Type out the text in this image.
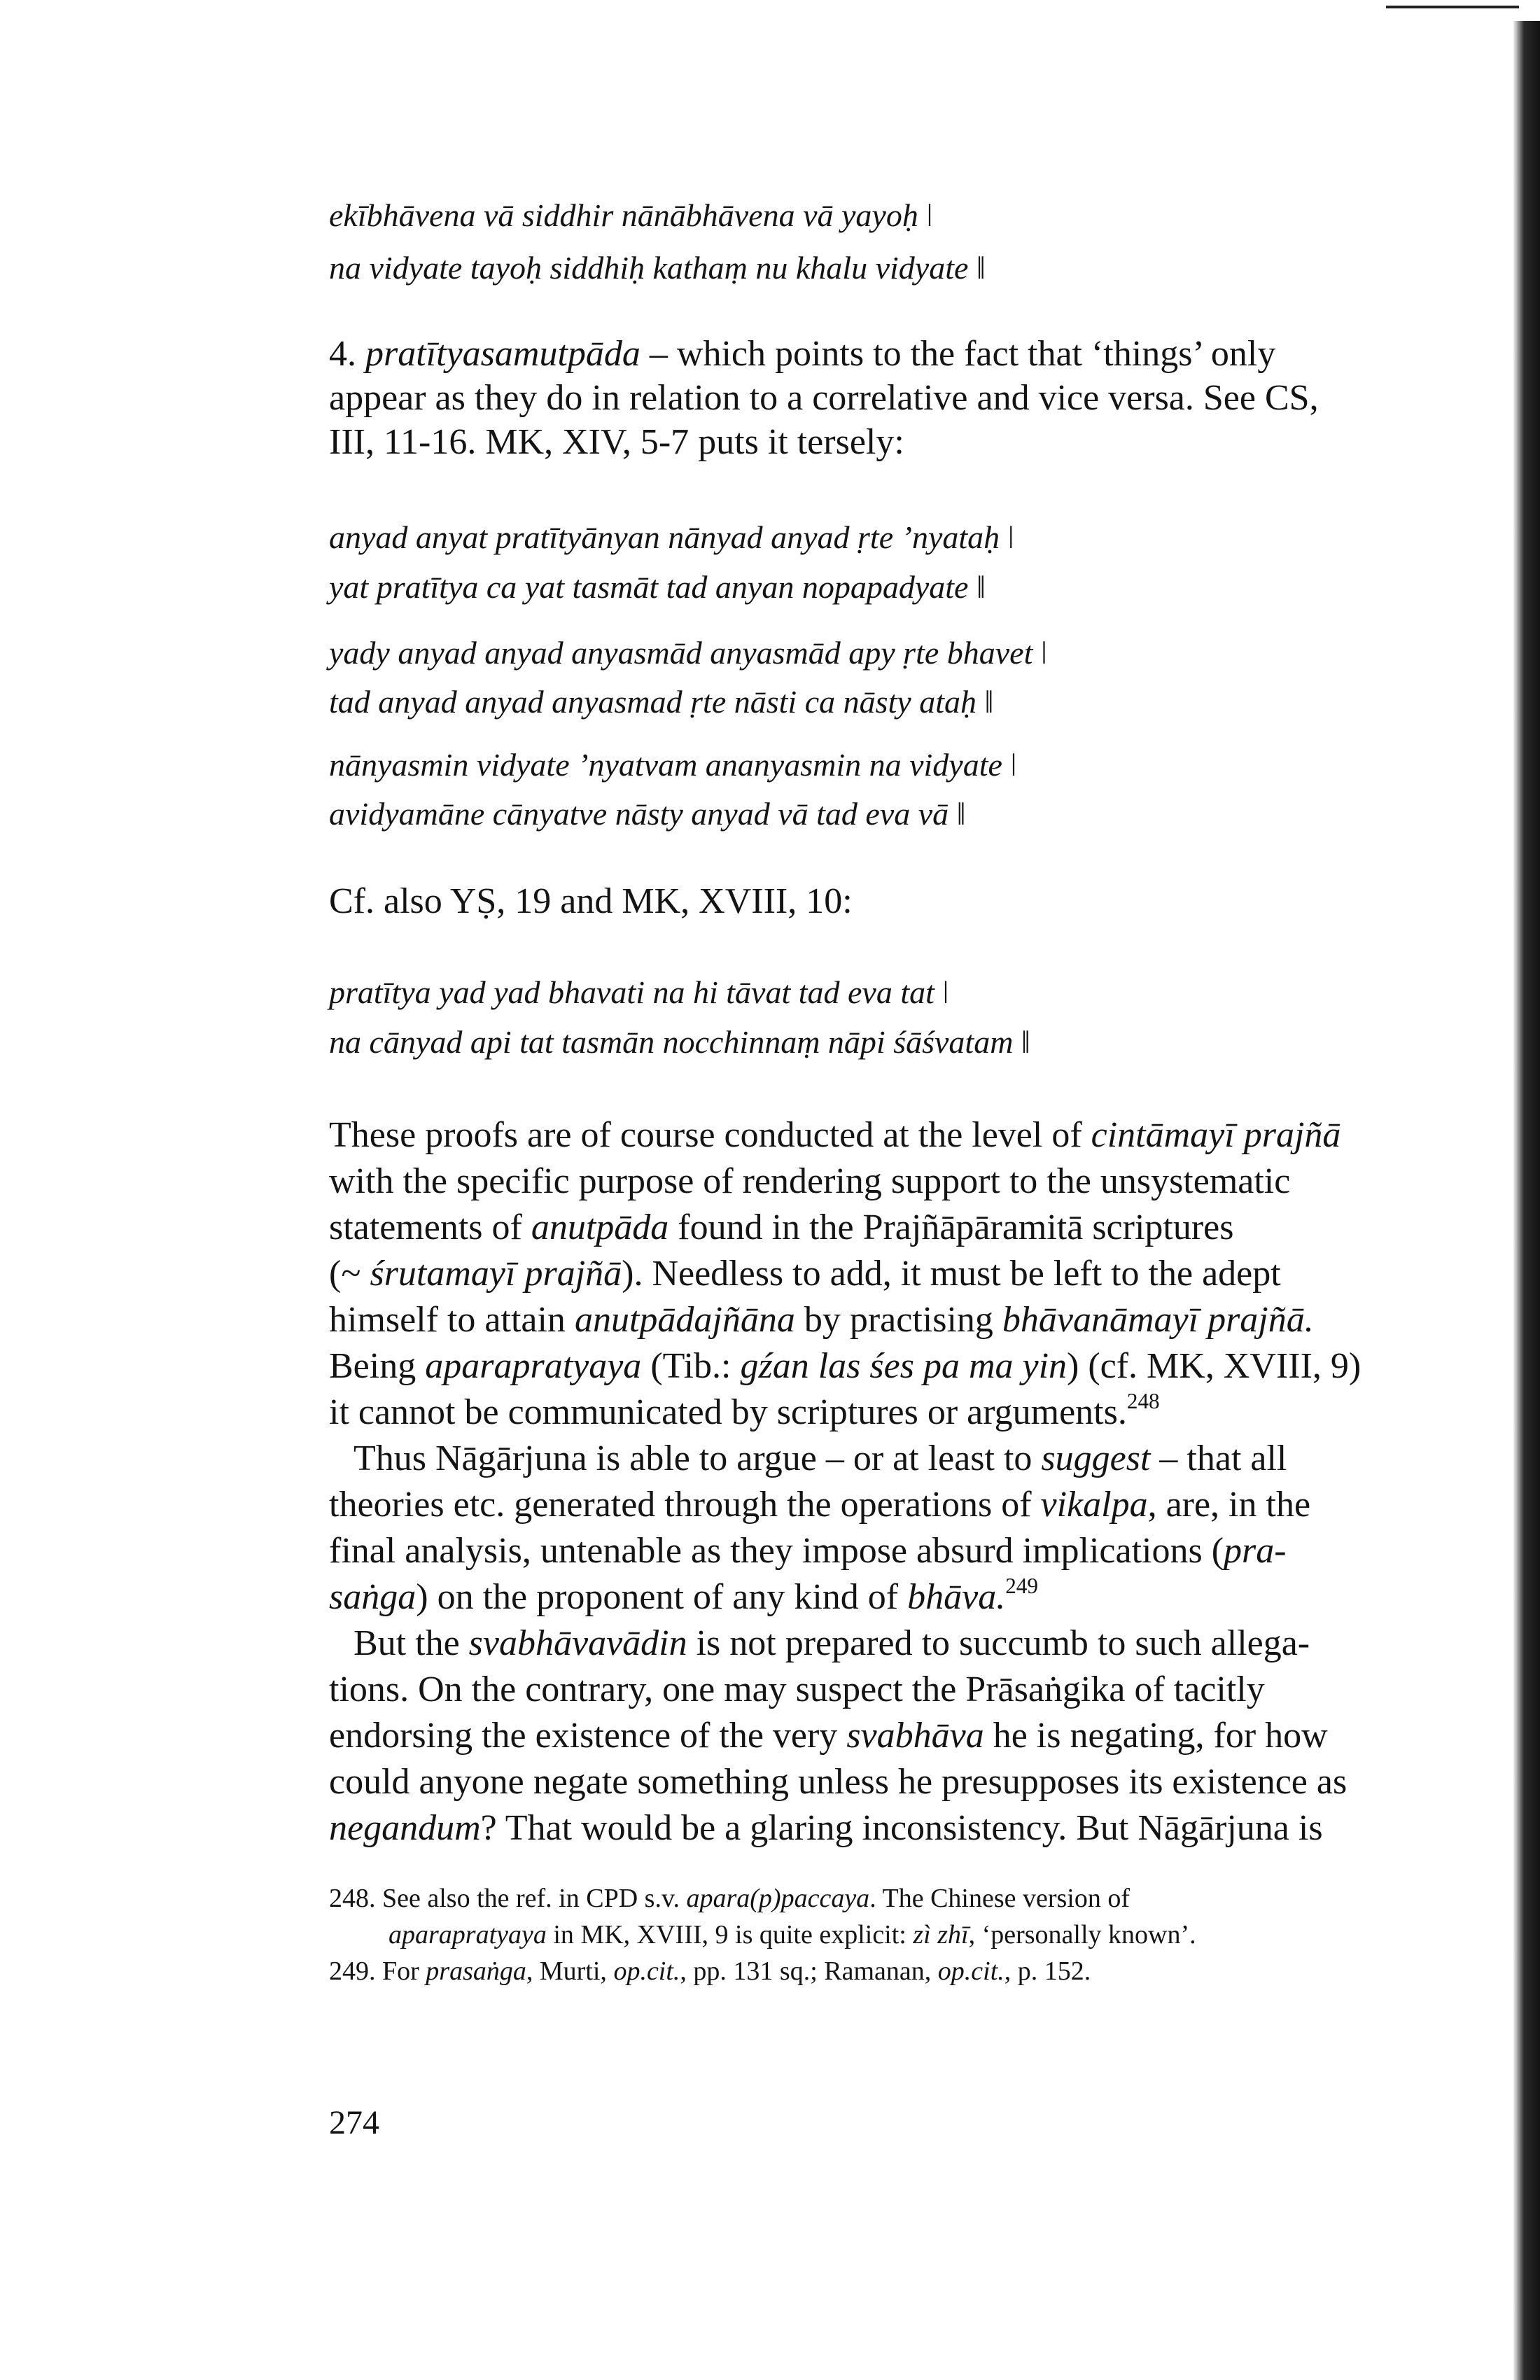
ekībhāvena vā siddhir nānābhāvena vā yayoḥ ǀ
na vidyate tayoḥ siddhiḥ kathaṃ nu khalu vidyate ǁ
4. pratītyasamutpāda – which points to the fact that ‘things’ only
appear as they do in relation to a correlative and vice versa. See CS,
III, 11-16. MK, XIV, 5-7 puts it tersely:
anyad anyat pratītyānyan nānyad anyad ṛte ’nyataḥ ǀ
yat pratītya ca yat tasmāt tad anyan nopapadyate ǁ
yady anyad anyad anyasmād anyasmād apy ṛte bhavet ǀ
tad anyad anyad anyasmad ṛte nāsti ca nāsty ataḥ ǁ
nānyasmin vidyate ’nyatvam ananyasmin na vidyate ǀ
avidyamāne cānyatve nāsty anyad vā tad eva vā ǁ
Cf. also YṢ, 19 and MK, XVIII, 10:
pratītya yad yad bhavati na hi tāvat tad eva tat ǀ
na cānyad api tat tasmān nocchinnaṃ nāpi śāśvatam ǁ
These proofs are of course conducted at the level of cintāmayī prajñā
with the specific purpose of rendering support to the unsystematic
statements of anutpāda found in the Prajñāpāramitā scriptures
(~ śrutamayī prajñā). Needless to add, it must be left to the adept
himself to attain anutpādajñāna by practising bhāvanāmayī prajñā.
Being aparapratyaya (Tib.: gźan las śes pa ma yin) (cf. MK, XVIII, 9)
it cannot be communicated by scriptures or arguments.$^{248}$
Thus Nāgārjuna is able to argue – or at least to suggest – that all
theories etc. generated through the operations of vikalpa, are, in the
final analysis, untenable as they impose absurd implications (pra-
saṅga) on the proponent of any kind of bhāva.$^{249}$
But the svabhāvavādin is not prepared to succumb to such allega-
tions. On the contrary, one may suspect the Prāsaṅgika of tacitly
endorsing the existence of the very svabhāva he is negating, for how
could anyone negate something unless he presupposes its existence as
negandum? That would be a glaring inconsistency. But Nāgārjuna is
248. See also the ref. in CPD s.v. apara(p)paccaya. The Chinese version of
aparapratyaya in MK, XVIII, 9 is quite explicit: zì zhī, ‘personally known’.
249. For prasaṅga, Murti, op.cit., pp. 131 sq.; Ramanan, op.cit., p. 152.
274
